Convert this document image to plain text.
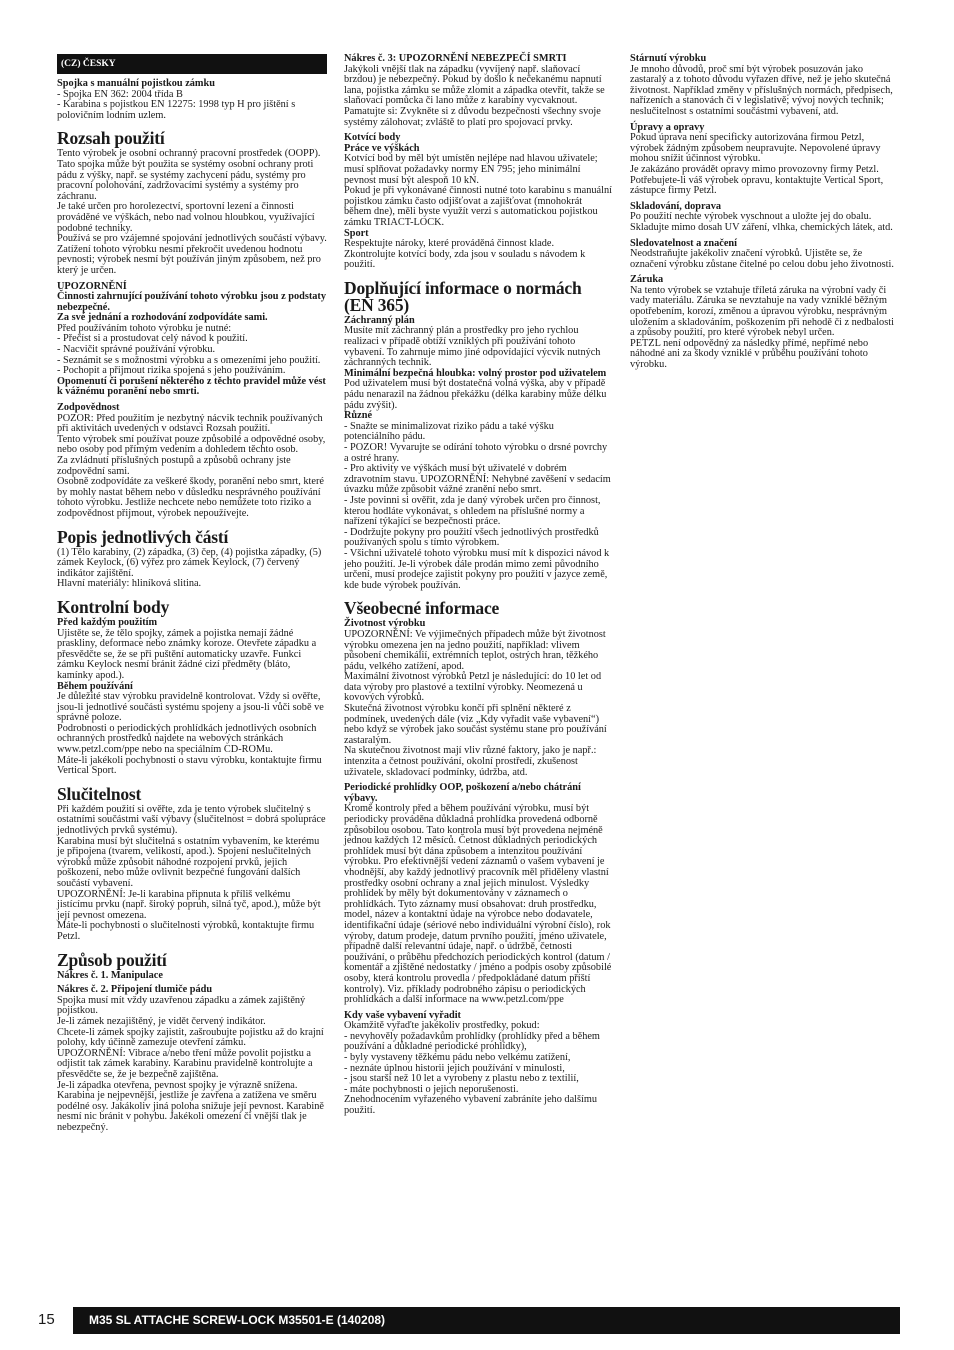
(CZ) ČESKY
Spojka s manuální pojistkou zámku
- Spojka EN 362: 2004 třída B
- Karabina s pojistkou EN 12275: 1998 typ H pro jištění s polovičním lodním uzlem.
Rozsah použití
Tento výrobek je osobní ochranný pracovní prostředek (OOPP).
Tato spojka může být použita se systémy osobní ochrany proti pádu z výšky, např. se systémy zachycení pádu, systémy pro pracovní polohování, zadržovacími systémy a systémy pro záchranu.
Je také určen pro horolezectví, sportovní lezení a činnosti prováděné ve výškách, nebo nad volnou hloubkou, využívající podobné techniky.
Používá se pro vzájemné spojování jednotlivých součástí výbavy.
Zatížení tohoto výrobku nesmí překročit uvedenou hodnotu pevnosti; výrobek nesmí být používán jiným způsobem, než pro který je určen.
UPOZORNĚNÍ
Činnosti zahrnující používání tohoto výrobku jsou z podstaty nebezpečné.
Za své jednání a rozhodování zodpovídáte sami.
Před používáním tohoto výrobku je nutné:
- Přečíst si a prostudovat celý návod k použití.
- Nacvičit správné používání výrobku.
- Seznámit se s možnostmi výrobku a s omezeními jeho použití.
- Pochopit a přijmout rizika spojená s jeho používáním.
Opomenutí či porušení některého z těchto pravidel může vést k vážnému poranění nebo smrti.
Zodpovědnost
POZOR: Před použitím je nezbytný nácvik technik používaných při aktivitách uvedených v odstavci Rozsah použití.
Tento výrobek smí používat pouze způsobilé a odpovědné osoby, nebo osoby pod přímým vedením a dohledem těchto osob.
Za zvládnutí příslušných postupů a způsobů ochrany jste zodpovědní sami.
Osobně zodpovídáte za veškeré škody, poranění nebo smrt, které by mohly nastat během nebo v důsledku nesprávného používání tohoto výrobku. Jestliže nechcete nebo nemůžete toto riziko a zodpovědnost přijmout, výrobek nepoužívejte.
Popis jednotlivých částí
(1) Tělo karabiny, (2) západka, (3) čep, (4) pojistka západky, (5) zámek Keylock, (6) výřez pro zámek Keylock, (7) červený indikátor zajištění.
Hlavní materiály: hliníková slitina.
Kontrolní body
Před každým použitím
Ujistěte se, že tělo spojky, zámek a pojistka nemají žádné praskliny, deformace nebo známky koroze. Otevřete západku a přesvědčte se, že se při puštění automaticky uzavře. Funkci zámku Keylock nesmí bránit žádné cizí předměty (bláto, kamínky apod.).
Během používání
Je důležité stav výrobku pravidelně kontrolovat. Vždy si ověřte, jsou-li jednotlivé součásti systému spojeny a jsou-li vůči sobě ve správné poloze.
Podrobnosti o periodických prohlídkách jednotlivých osobních ochranných prostředků najdete na webových stránkách www.petzl.com/ppe nebo na speciálním CD-ROMu.
Máte-li jakékoli pochybnosti o stavu výrobku, kontaktujte firmu Vertical Sport.
Slučitelnost
Při každém použití si ověřte, zda je tento výrobek slučitelný s ostatními součástmi vaší výbavy (slučitelnost = dobrá spolupráce jednotlivých prvků systému).
Karabina musí být slučitelná s ostatním vybavením, ke kterému je připojena (tvarem, velikostí, apod.). Spojení neslučitelných výrobků může způsobit náhodné rozpojení prvků, jejich poškození, nebo může ovlivnit bezpečné fungování dalších součástí vybavení.
UPOZORNĚNÍ: Je-li karabina připnuta k příliš velkému jistícímu prvku (např. široký popruh, silná tyč, apod.), může být její pevnost omezena.
Máte-li pochybnosti o slučitelnosti výrobků, kontaktujte firmu Petzl.
Způsob použití
Nákres č. 1. Manipulace
Nákres č. 2. Připojení tlumiče pádu
Spojka musí mít vždy uzavřenou západku a zámek zajištěný pojistkou.
Je-li zámek nezajištěný, je vidět červený indikátor.
Chcete-li zámek spojky zajistit, zašroubujte pojistku až do krajní polohy, kdy účinně zamezuje otevření zámku.
UPOZORNĚNÍ: Vibrace a/nebo tření může povolit pojistku a odjistit tak zámek karabiny. Karabinu pravidelně kontrolujte a přesvědčte se, že je bezpečně zajištěna.
Je-li západka otevřena, pevnost spojky je výrazně snížena. Karabina je nejpevnější, jestliže je zavřena a zatížena ve směru podélné osy. Jakákoliv jiná poloha snižuje její pevnost. Karabině nesmí nic bránit v pohybu. Jakékoli omezení či vnější tlak je nebezpečný.
Nákres č. 3: UPOZORNĚNÍ NEBEZPEČÍ SMRTI
Jakýkoli vnější tlak na západku (vyvíjený např. slaňovací brzdou) je nebezpečný. Pokud by došlo k nečekanému napnutí lana, pojistka zámku se může zlomit a západka otevřít, takže se slaňovací pomůcka či lano může z karabiny vycvaknout.
Pamatujte si: Zvykněte si z důvodu bezpečnosti všechny svoje systémy zálohovat; zvláště to platí pro spojovací prvky.
Kotvící body
Práce ve výškách
Kotvící bod by měl být umístěn nejlépe nad hlavou uživatele; musí splňovat požadavky normy EN 795; jeho minimální pevnost musí být alespoň 10 kN.
Pokud je při vykonávané činnosti nutné toto karabinu s manuální pojistkou zámku často odjišťovat a zajišťovat (mnohokrát během dne), měli byste využít verzi s automatickou pojistkou zámku TRIACT-LOCK.
Sport
Respektujte nároky, které prováděná činnost klade.
Zkontrolujte kotvící body, zda jsou v souladu s návodem k použití.
Doplňující informace o normách (EN 365)
Záchranný plán
Musíte mít záchranný plán a prostředky pro jeho rychlou realizaci v případě obtíží vzniklých při používání tohoto vybavení. To zahrnuje mimo jiné odpovídající výcvik nutných záchranných technik.
Minimální bezpečná hloubka: volný prostor pod uživatelem
Pod uživatelem musí být dostatečná volná výška, aby v případě pádu nenarazil na žádnou překážku (délka karabiny může délku pádu zvýšit).
Různé
- Snažte se minimalizovat riziko pádu a také výšku potenciálního pádu.
- POZOR! Vyvarujte se odírání tohoto výrobku o drsné povrchy a ostré hrany.
- Pro aktivity ve výškách musí být uživatelé v dobrém zdravotním stavu. UPOZORNĚNÍ: Nehybné zavěšení v sedacím úvazku může způsobit vážné zranění nebo smrt.
- Jste povinni si ověřit, zda je daný výrobek určen pro činnost, kterou hodláte vykonávat, s ohledem na příslušné normy a nařízení týkající se bezpečnosti práce.
- Dodržujte pokyny pro použití všech jednotlivých prostředků používaných spolu s tímto výrobkem.
- Všichni uživatelé tohoto výrobku musí mít k dispozici návod k jeho použití. Je-li výrobek dále prodán mimo zemi původního určení, musí prodejce zajistit pokyny pro použití v jazyce země, kde bude výrobek používán.
Všeobecné informace
Životnost výrobku
UPOZORNĚNÍ: Ve výjimečných případech může být životnost výrobku omezena jen na jedno použití, například: vlivem působení chemikálií, extrémních teplot, ostrých hran, těžkého pádu, velkého zatížení, apod.
Maximální životnost výrobků Petzl je následující: do 10 let od data výroby pro plastové a textilní výrobky. Neomezená u kovových výrobků.
Skutečná životnost výrobku končí při splnění některé z podmínek, uvedených dále (viz „Kdy vyřadit vaše vybavení“) nebo když se výrobek jako součást systému stane pro používání zastaralým.
Na skutečnou životnost mají vliv různé faktory, jako je např.: intenzita a četnost používání, okolní prostředí, zkušenost uživatele, skladovací podmínky, údržba, atd.
Periodické prohlídky OOP, poškození a/nebo chátrání výbavy.
Kromě kontroly před a během používání výrobku, musí být periodicky prováděna důkladná prohlídka provedená odborně způsobilou osobou. Tato kontrola musí být provedena nejméně jednou každých 12 měsíců. Četnost důkladných periodických prohlídek musí být dána způsobem a intenzitou používání výrobku. Pro efektivnější vedení záznamů o vašem vybavení je vhodnější, aby každý jednotlivý pracovník měl přiděleny vlastní prostředky osobní ochrany a znal jejich minulost. Výsledky prohlídek by měly být dokumentovány v záznamech o prohlídkách. Tyto záznamy musí obsahovat: druh prostředku, model, název a kontaktní údaje na výrobce nebo dodavatele, identifikační údaje (sériové nebo individuální výrobní číslo), rok výroby, datum prodeje, datum prvního použití, jméno uživatele, případně další relevantní údaje, např. o údržbě, četnosti používání, o průběhu předchozích periodických kontrol (datum / komentář a zjištěné nedostatky / jméno a podpis osoby způsobilé osoby, která kontrolu provedla / předpokládané datum příští kontroly). Viz. příklady podrobného zápisu o periodických prohlídkách a další informace na www.petzl.com/ppe
Kdy vaše vybavení vyřadit
Okamžitě vyřaďte jakékoliv prostředky, pokud:
- nevyhověly požadavkům prohlídky (prohlídky před a během používání a důkladné periodické prohlídky),
- byly vystaveny těžkému pádu nebo velkému zatížení,
- neznáte úplnou historii jejich používání v minulosti,
- jsou starší než 10 let a vyrobeny z plastu nebo z textilií,
- máte pochybnosti o jejich neporušenosti.
Znehodnocením vyřazeného vybavení zabráníte jeho dalšímu použití.
Stárnutí výrobku
Je mnoho důvodů, proč smí být výrobek posuzován jako zastaralý a z tohoto důvodu vyřazen dříve, než je jeho skutečná životnost. Například změny v příslušných normách, předpisech, nařízeních a stanovách či v legislativě; vývoj nových technik; neslučitelnost s ostatními součástmi vybavení, atd.
Úpravy a opravy
Pokud úprava není specificky autorizována firmou Petzl, výrobek žádným způsobem neupravujte. Nepovolené úpravy mohou snížit účinnost výrobku.
Je zakázáno provádět opravy mimo provozovny firmy Petzl. Potřebujete-li váš výrobek opravu, kontaktujte Vertical Sport, zástupce firmy Petzl.
Skladování, doprava
Po použití nechte výrobek vyschnout a uložte jej do obalu. Skladujte mimo dosah UV záření, vlhka, chemických látek, atd.
Sledovatelnost a značení
Neodstraňujte jakékoliv značení výrobků. Ujistěte se, že označení výrobku zůstane čitelné po celou dobu jeho životnosti.
Záruka
Na tento výrobek se vztahuje tříletá záruka na výrobní vady či vady materiálu. Záruka se nevztahuje na vady vzniklé běžným opotřebením, korozí, změnou a úpravou výrobku, nesprávným uložením a skladováním, poškozením při nehodě či z nedbalosti a způsoby použití, pro které výrobek nebyl určen.
PETZL není odpovědný za následky přímé, nepřímé nebo náhodné ani za škody vzniklé v průběhu používání tohoto výrobku.
15	M35 SL ATTACHE SCREW-LOCK M35501-E (140208)
